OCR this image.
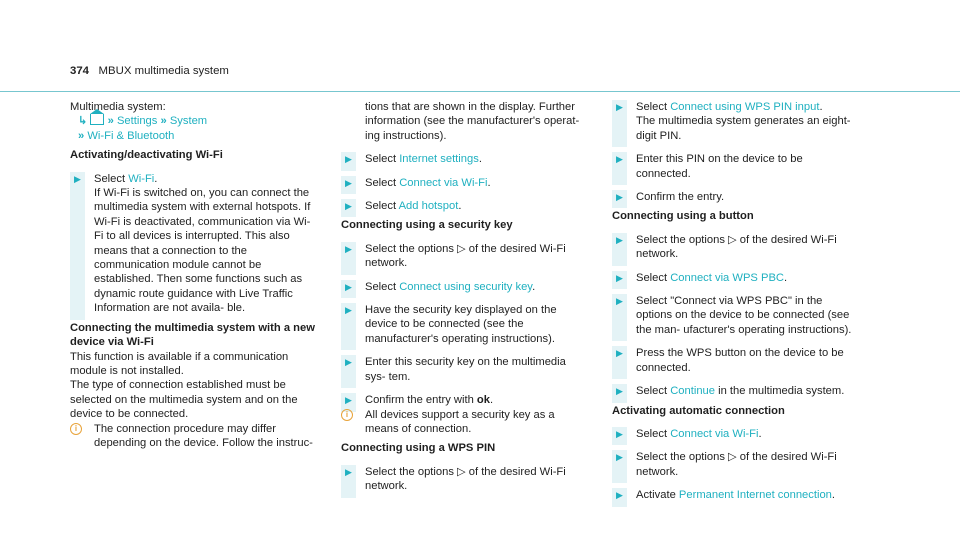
374 MBUX multimedia system

Multimedia system:

↳ » Settings » System

» Wi-Fi & Bluetooth

Activating/deactivating Wi-Fi

▶ Select Wi-Fi.
If Wi-Fi is switched on, you can connect the multimedia system with external hotspots. If Wi-Fi is deactivated, communication via Wi-Fi to all devices is interrupted. This also means that a connection to the communication module cannot be established. Then some functions such as dynamic route guidance with Live Traffic Information are not availa- ble.

Connecting the multimedia system with a new device via Wi-Fi

This function is available if a communication module is not installed.

The type of connection established must be selected on the multimedia system and on the device to be connected.

i	The connection procedure may differ depending on the device. Follow the instruc-

tions that are shown in the display. Further information (see the manufacturer's operat- ing instructions).

▶ Select Internet settings.
▶ Select Connect via Wi-Fi.
▶ Select Add hotspot.

Connecting using a security key

▶ Select the options ▷ of the desired Wi-Fi network.
▶ Select Connect using security key.
▶ Have the security key displayed on the device to be connected (see the manufacturer's operating instructions).
▶ Enter this security key on the multimedia sys- tem.
▶ Confirm the entry with ok.
i	All devices support a security key as a means of connection.

Connecting using a WPS PIN

▶ Select the options ▷ of the desired Wi-Fi network.
▶ Select Connect using WPS PIN input.
The multimedia system generates an eight- digit PIN.
▶ Enter this PIN on the device to be connected.
▶ Confirm the entry.

Connecting using a button

▶ Select the options ▷ of the desired Wi-Fi network.
▶ Select Connect via WPS PBC.
▶ Select "Connect via WPS PBC" in the options on the device to be connected (see the man- ufacturer's operating instructions).
▶ Press the WPS button on the device to be connected.
▶ Select Continue in the multimedia system.

Activating automatic connection

▶ Select Connect via Wi-Fi.
▶ Select the options ▷ of the desired Wi-Fi network.
▶ Activate Permanent Internet connection.
